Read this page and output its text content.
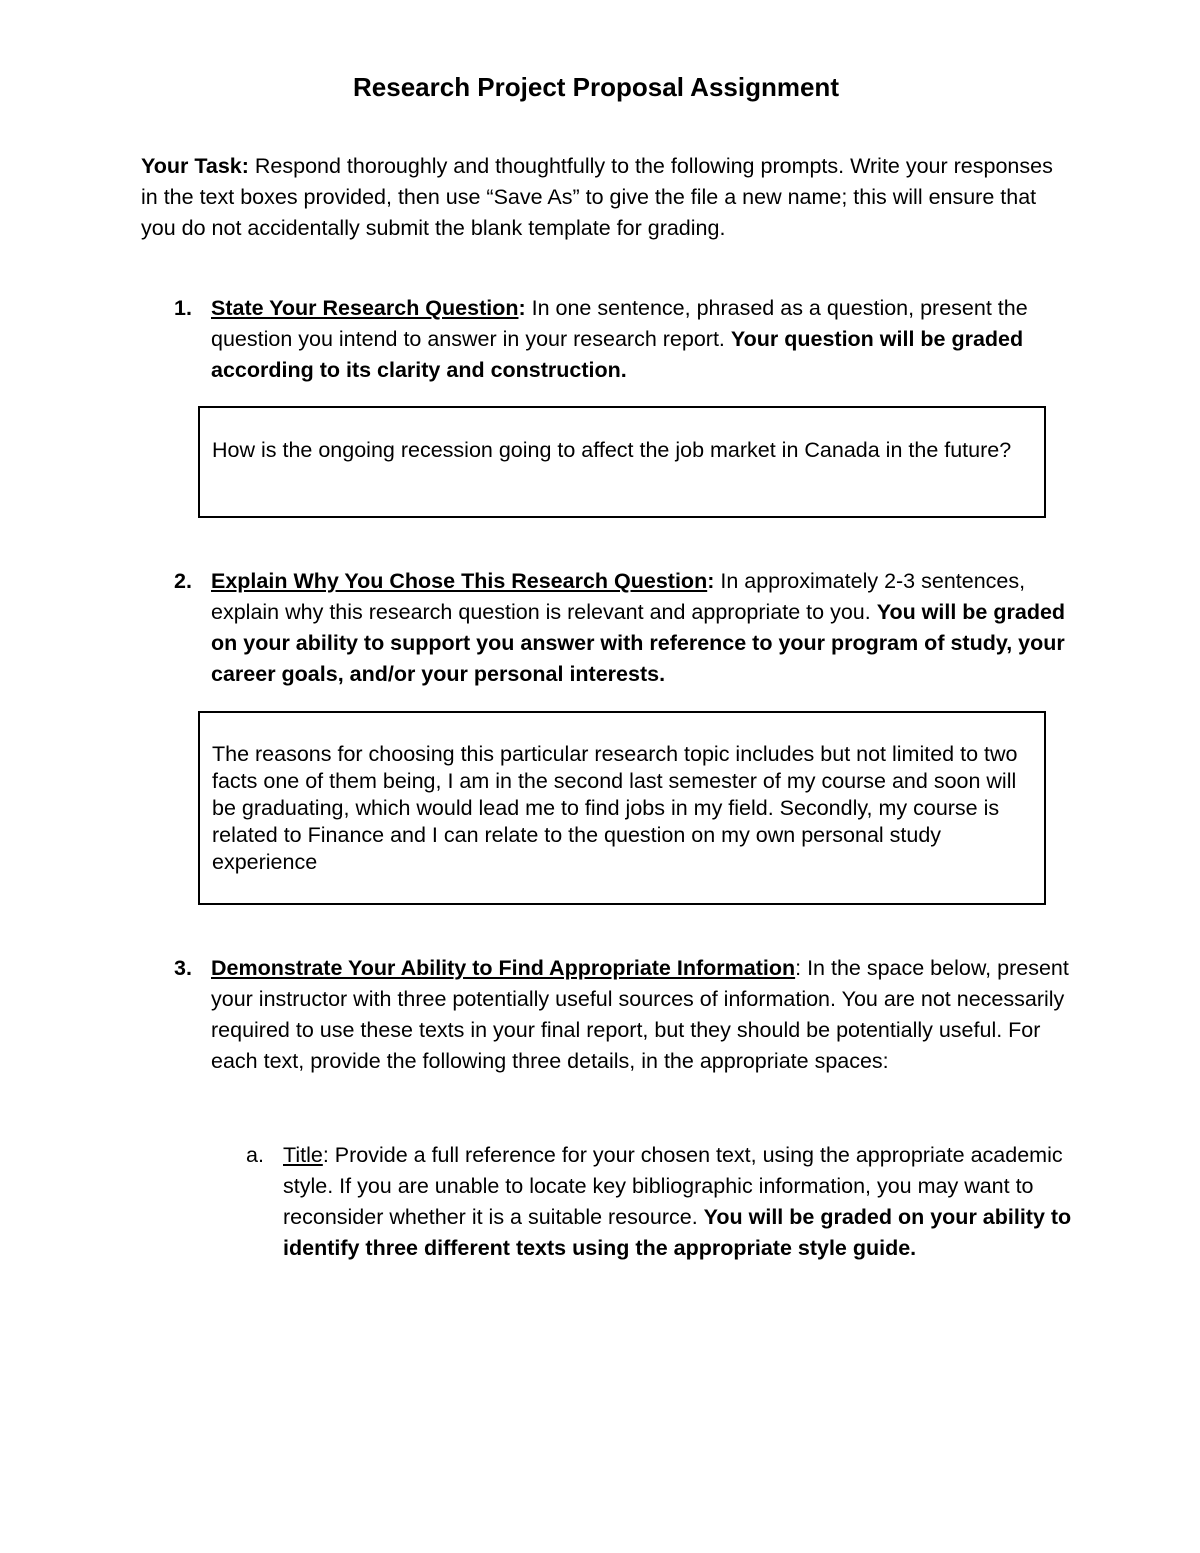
Research Project Proposal Assignment
Your Task: Respond thoroughly and thoughtfully to the following prompts. Write your responses in the text boxes provided, then use “Save As” to give the file a new name; this will ensure that you do not accidentally submit the blank template for grading.
1. State Your Research Question: In one sentence, phrased as a question, present the question you intend to answer in your research report. Your question will be graded according to its clarity and construction.
How is the ongoing recession going to affect the job market in Canada in the future?
2. Explain Why You Chose This Research Question: In approximately 2-3 sentences, explain why this research question is relevant and appropriate to you. You will be graded on your ability to support you answer with reference to your program of study, your career goals, and/or your personal interests.
The reasons for choosing this particular research topic includes but not limited to two facts one of them being, I am in the second last semester of my course and soon will be graduating, which would lead me to find jobs in my field. Secondly, my course is related to Finance and I can relate to the question on my own personal study experience
3. Demonstrate Your Ability to Find Appropriate Information: In the space below, present your instructor with three potentially useful sources of information. You are not necessarily required to use these texts in your final report, but they should be potentially useful. For each text, provide the following three details, in the appropriate spaces:
a. Title: Provide a full reference for your chosen text, using the appropriate academic style. If you are unable to locate key bibliographic information, you may want to reconsider whether it is a suitable resource. You will be graded on your ability to identify three different texts using the appropriate style guide.
